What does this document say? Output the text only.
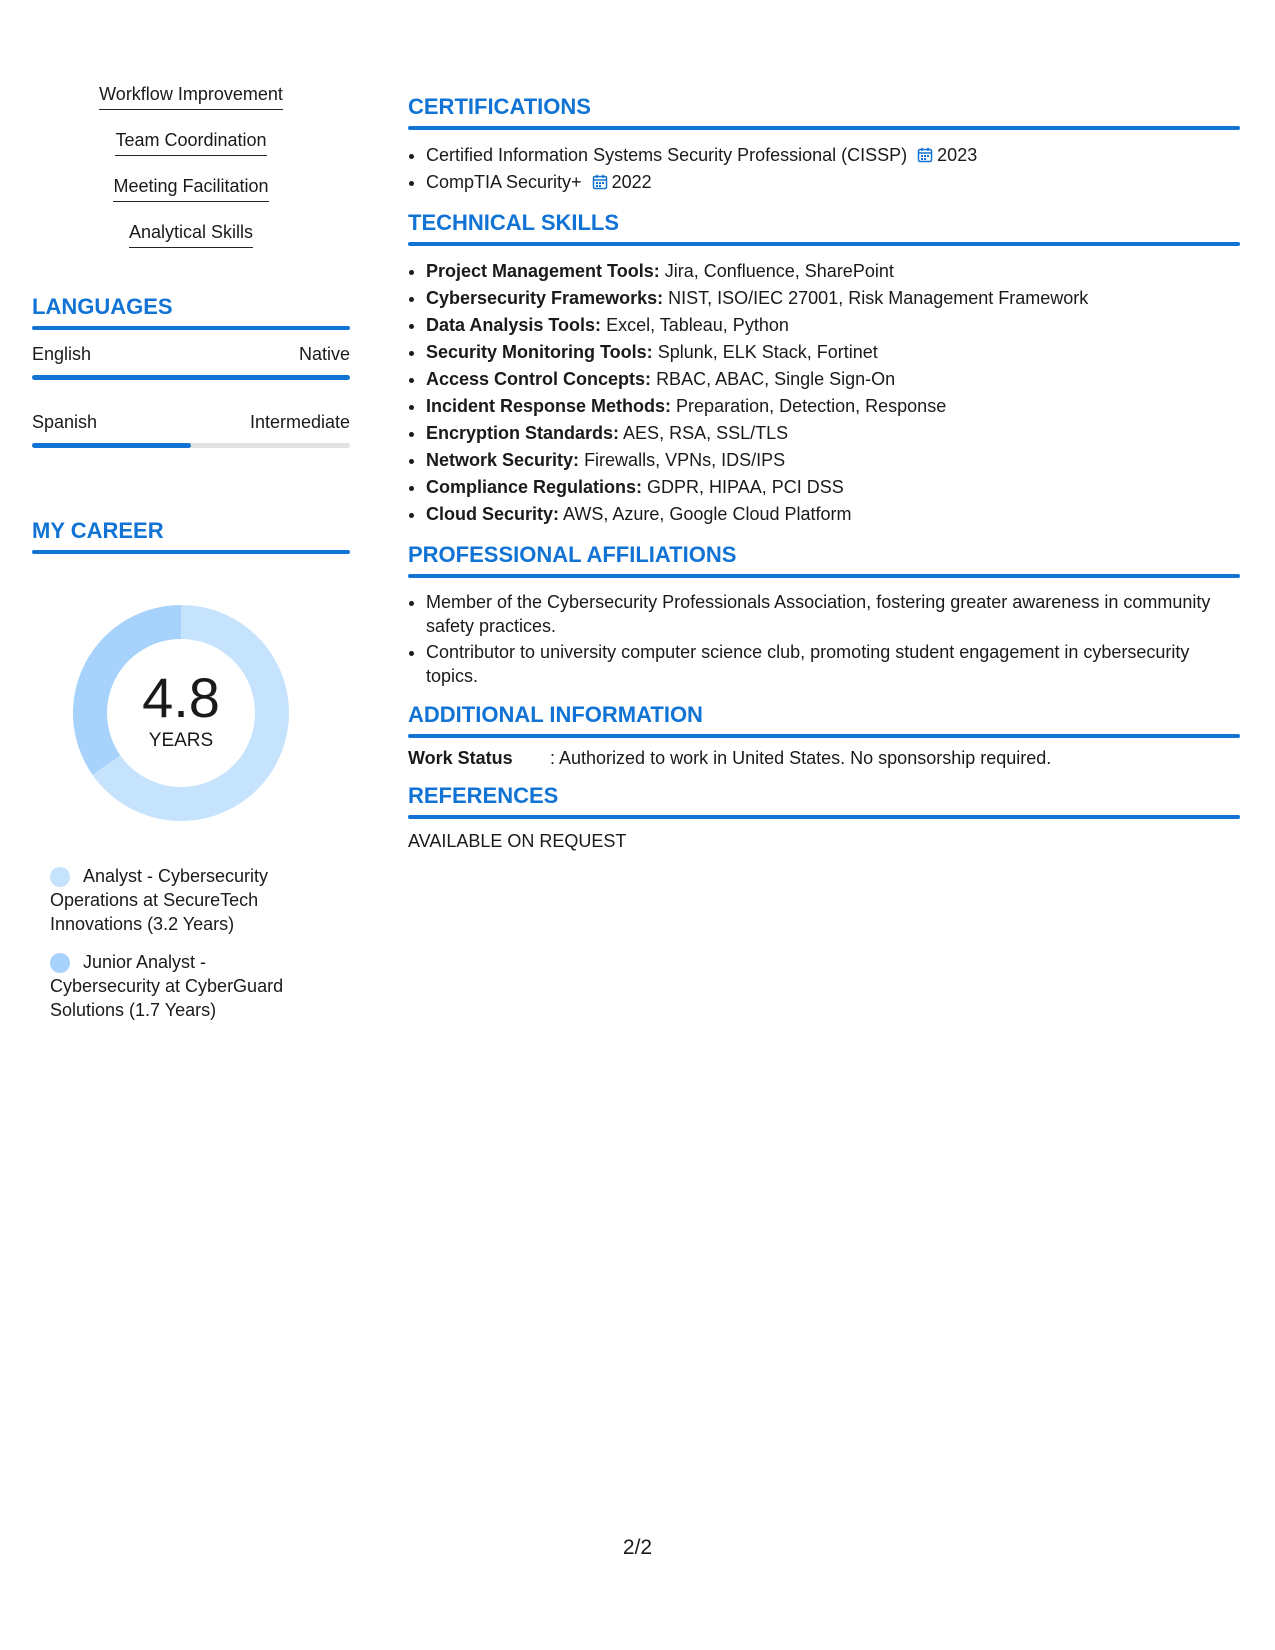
Workflow Improvement
Team Coordination
Meeting Facilitation
Analytical Skills
LANGUAGES
English	Native
Spanish	Intermediate
MY CAREER
4.8
YEARS
Analyst - Cybersecurity Operations at SecureTech Innovations (3.2 Years)
Junior Analyst - Cybersecurity at CyberGuard Solutions (1.7 Years)
CERTIFICATIONS
• Certified Information Systems Security Professional (CISSP) 2023
• CompTIA Security+ 2022
TECHNICAL SKILLS
• Project Management Tools: Jira, Confluence, SharePoint
• Cybersecurity Frameworks: NIST, ISO/IEC 27001, Risk Management Framework
• Data Analysis Tools: Excel, Tableau, Python
• Security Monitoring Tools: Splunk, ELK Stack, Fortinet
• Access Control Concepts: RBAC, ABAC, Single Sign-On
• Incident Response Methods: Preparation, Detection, Response
• Encryption Standards: AES, RSA, SSL/TLS
• Network Security: Firewalls, VPNs, IDS/IPS
• Compliance Regulations: GDPR, HIPAA, PCI DSS
• Cloud Security: AWS, Azure, Google Cloud Platform
PROFESSIONAL AFFILIATIONS
• Member of the Cybersecurity Professionals Association, fostering greater awareness in community safety practices.
• Contributor to university computer science club, promoting student engagement in cybersecurity topics.
ADDITIONAL INFORMATION
Work Status	: Authorized to work in United States. No sponsorship required.
REFERENCES
AVAILABLE ON REQUEST
2/2
